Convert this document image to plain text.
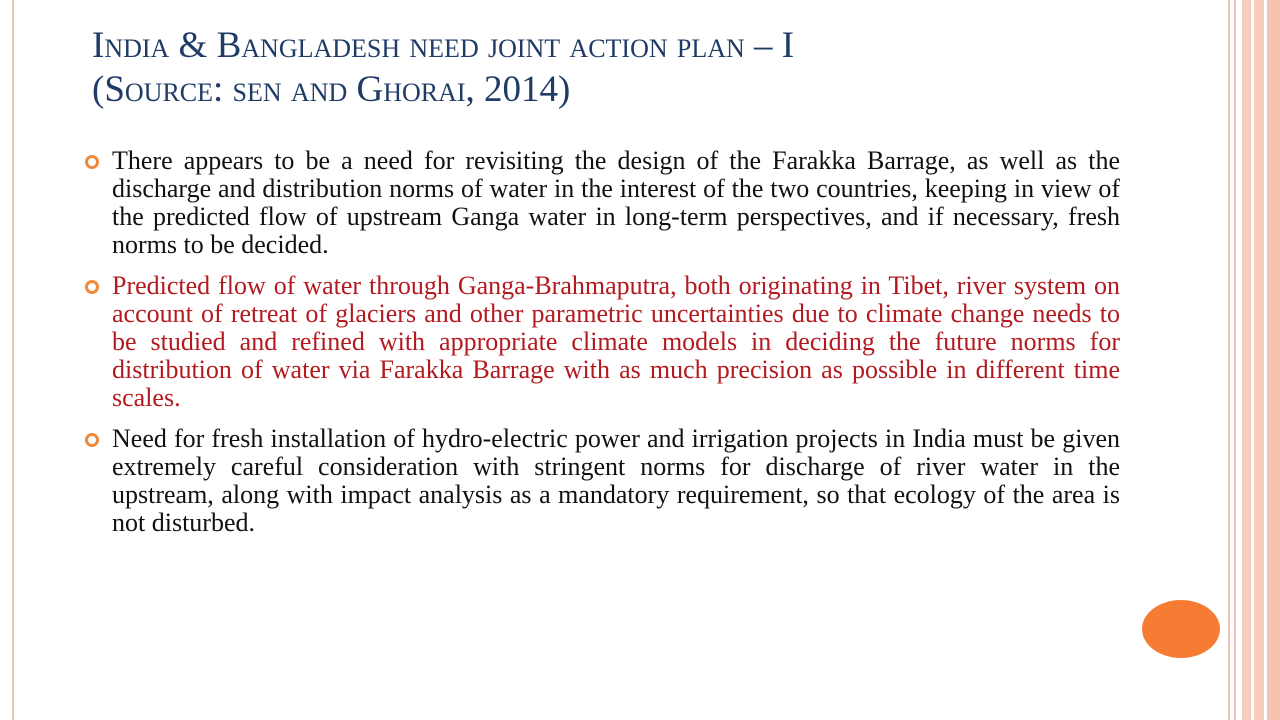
India & Bangladesh need joint action plan – I
(Source: sen and Ghorai, 2014)
There appears to be a need for revisiting the design of the Farakka Barrage, as well as the discharge and distribution norms of water in the interest of the two countries, keeping in view of the predicted flow of upstream Ganga water in long-term perspectives, and if necessary, fresh norms to be decided.
Predicted flow of water through Ganga-Brahmaputra, both originating in Tibet, river system on account of retreat of glaciers and other parametric uncertainties due to climate change needs to be studied and refined with appropriate climate models in deciding the future norms for distribution of water via Farakka Barrage with as much precision as possible in different time scales.
Need for fresh installation of hydro-electric power and irrigation projects in India must be given extremely careful consideration with stringent norms for discharge of river water in the upstream, along with impact analysis as a mandatory requirement, so that ecology of the area is not disturbed.
